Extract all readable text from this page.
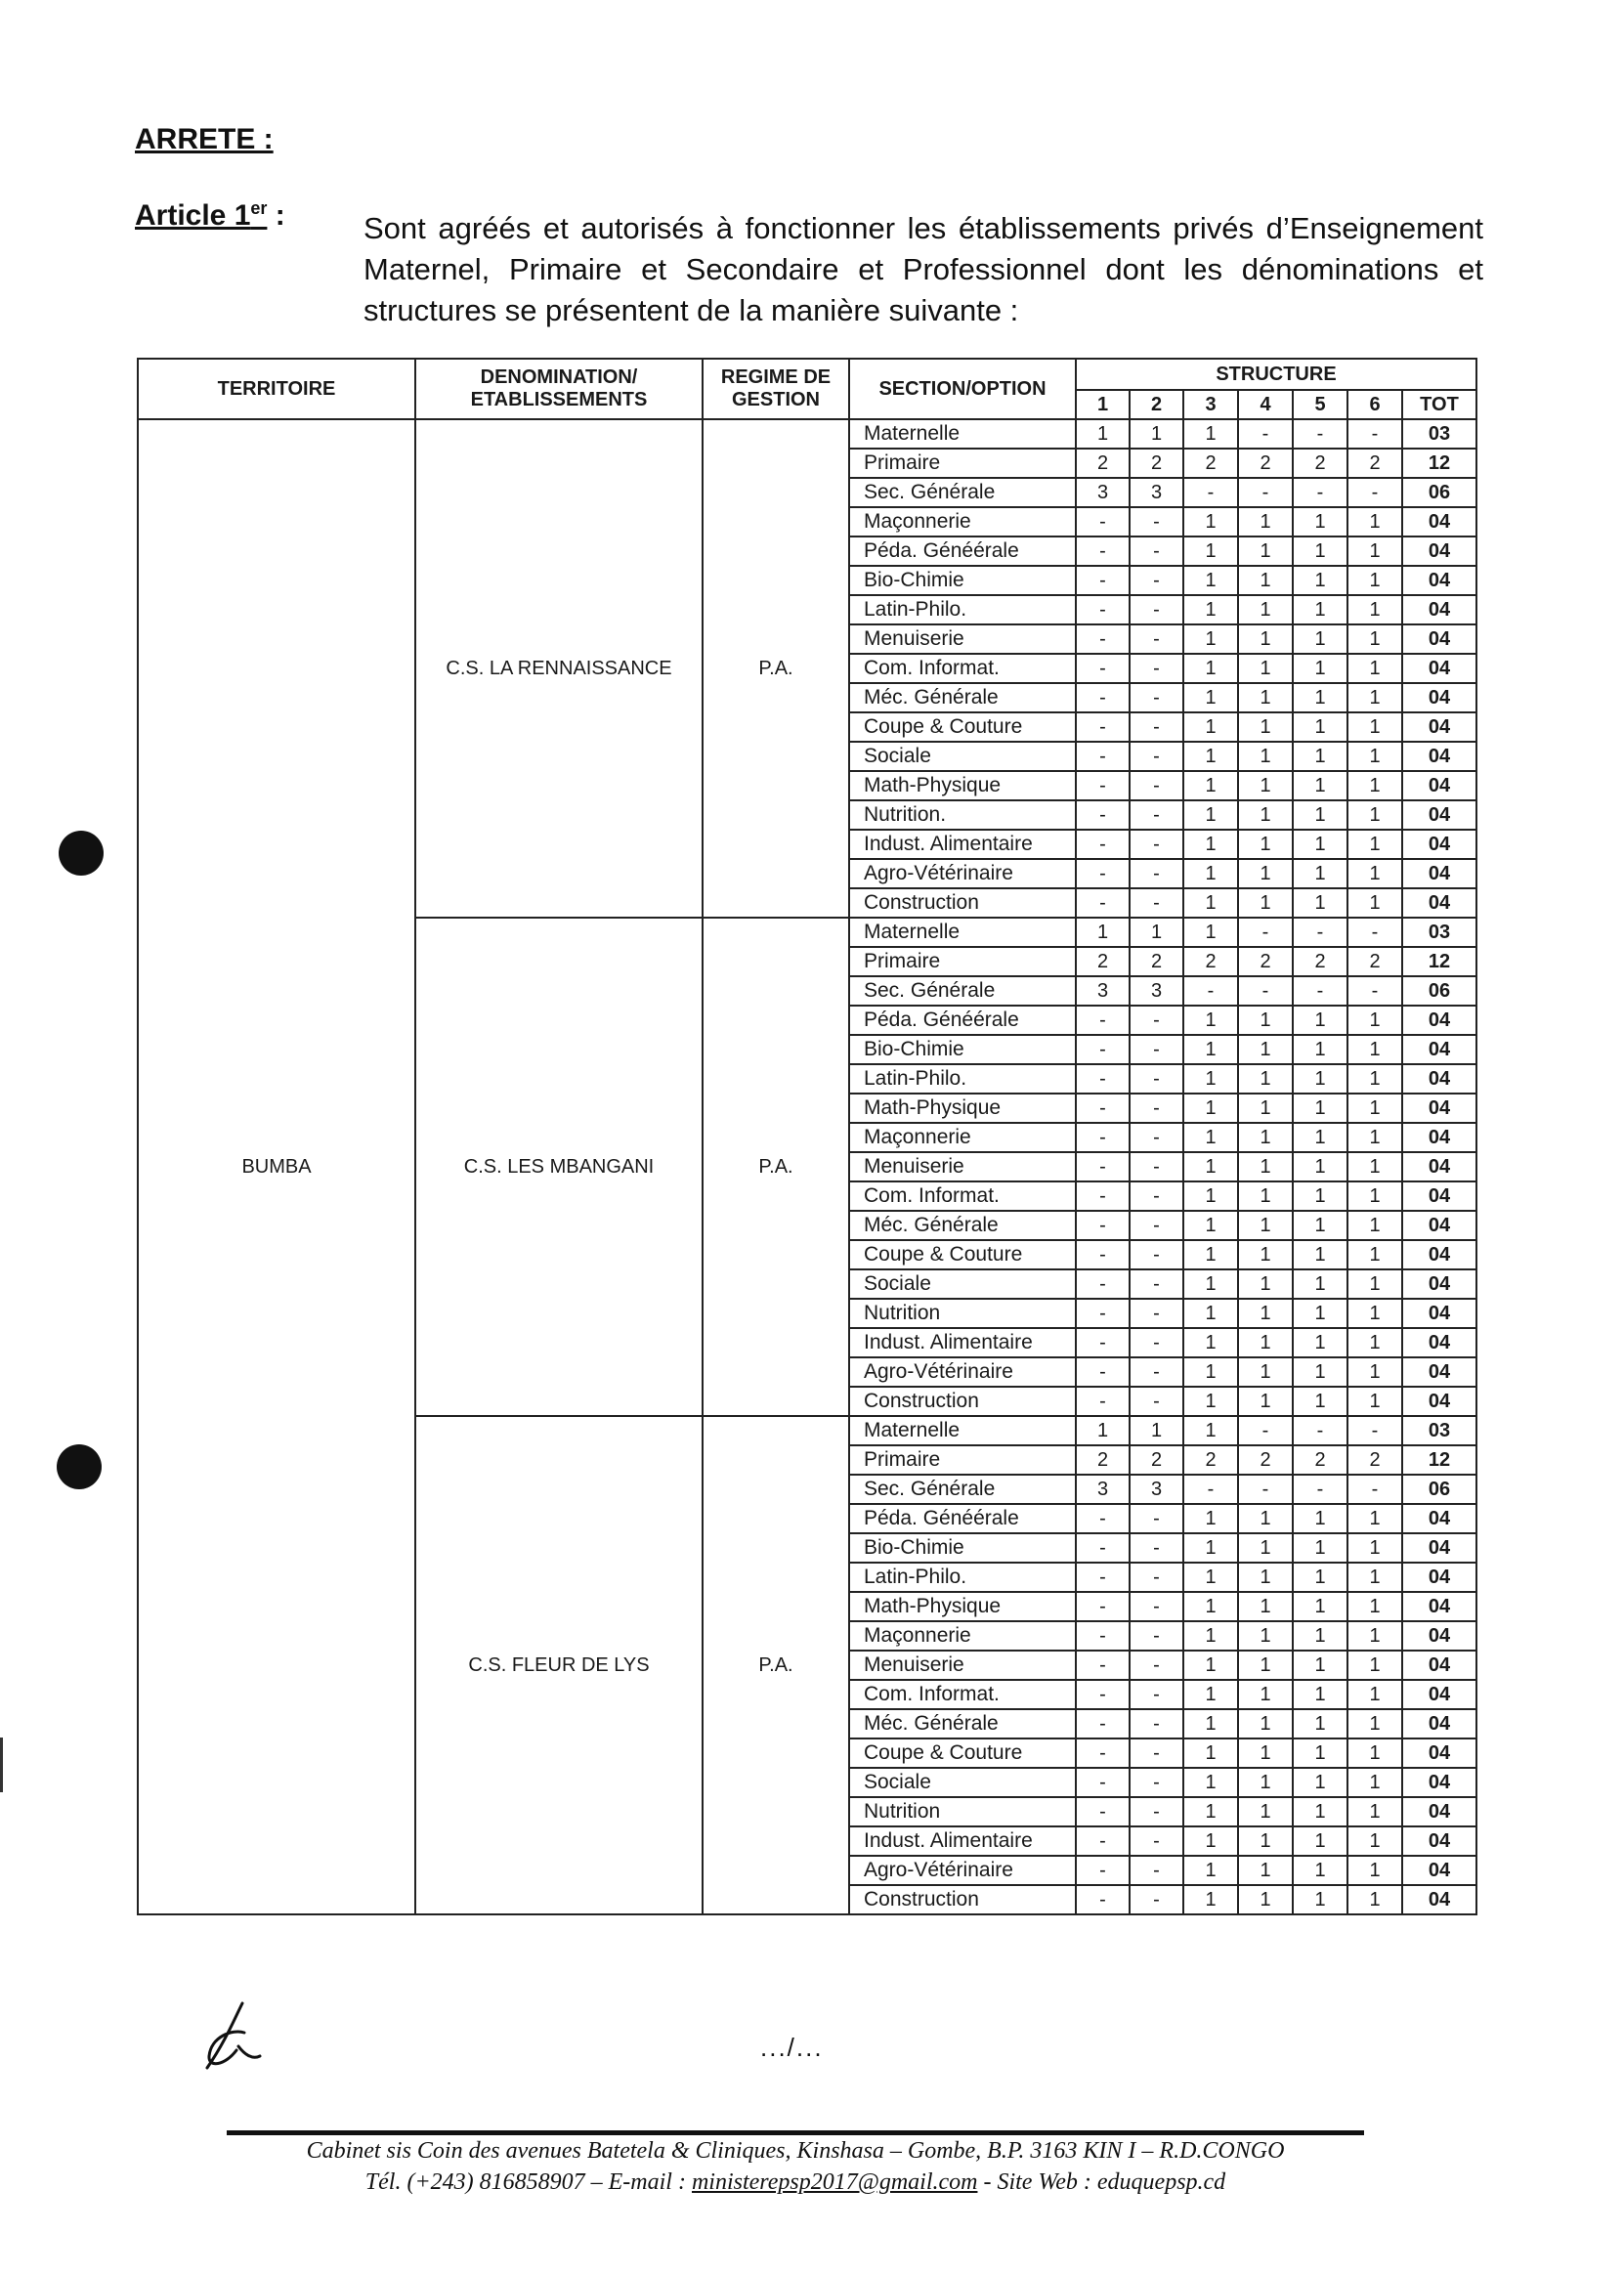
ARRETE :
Article 1er :	Sont agréés et autorisés à fonctionner les établissements privés d’Enseignement Maternel, Primaire et Secondaire et Professionnel dont les dénominations et structures se présentent de la manière suivante :
TERRITOIRE	DENOMINATION/ ETABLISSEMENTS	REGIME DE GESTION	SECTION/OPTION	STRUCTURE						
				1	2	3	4	5	6	TOT
BUMBA	C.S. LA RENNAISSANCE	P.A.	Maternelle	1	1	1	-	-	-	03
			Primaire	2	2	2	2	2	2	12
			Sec. Générale	3	3	-	-	-	-	06
			Maçonnerie	-	-	1	1	1	1	04
			Péda. Généérale	-	-	1	1	1	1	04
			Bio-Chimie	-	-	1	1	1	1	04
			Latin-Philo.	-	-	1	1	1	1	04
			Menuiserie	-	-	1	1	1	1	04
			Com. Informat.	-	-	1	1	1	1	04
			Méc. Générale	-	-	1	1	1	1	04
			Coupe & Couture	-	-	1	1	1	1	04
			Sociale	-	-	1	1	1	1	04
			Math-Physique	-	-	1	1	1	1	04
			Nutrition.	-	-	1	1	1	1	04
			Indust. Alimentaire	-	-	1	1	1	1	04
			Agro-Vétérinaire	-	-	1	1	1	1	04
			Construction	-	-	1	1	1	1	04
	C.S. LES MBANGANI	P.A.	Maternelle	1	1	1	-	-	-	03
			Primaire	2	2	2	2	2	2	12
			Sec. Générale	3	3	-	-	-	-	06
			Péda. Généérale	-	-	1	1	1	1	04
			Bio-Chimie	-	-	1	1	1	1	04
			Latin-Philo.	-	-	1	1	1	1	04
			Math-Physique	-	-	1	1	1	1	04
			Maçonnerie	-	-	1	1	1	1	04
			Menuiserie	-	-	1	1	1	1	04
			Com. Informat.	-	-	1	1	1	1	04
			Méc. Générale	-	-	1	1	1	1	04
			Coupe & Couture	-	-	1	1	1	1	04
			Sociale	-	-	1	1	1	1	04
			Nutrition	-	-	1	1	1	1	04
			Indust. Alimentaire	-	-	1	1	1	1	04
			Agro-Vétérinaire	-	-	1	1	1	1	04
			Construction	-	-	1	1	1	1	04
	C.S. FLEUR DE LYS	P.A.	Maternelle	1	1	1	-	-	-	03
			Primaire	2	2	2	2	2	2	12
			Sec. Générale	3	3	-	-	-	-	06
			Péda. Généérale	-	-	1	1	1	1	04
			Bio-Chimie	-	-	1	1	1	1	04
			Latin-Philo.	-	-	1	1	1	1	04
			Math-Physique	-	-	1	1	1	1	04
			Maçonnerie	-	-	1	1	1	1	04
			Menuiserie	-	-	1	1	1	1	04
			Com. Informat.	-	-	1	1	1	1	04
			Méc. Générale	-	-	1	1	1	1	04
			Coupe & Couture	-	-	1	1	1	1	04
			Sociale	-	-	1	1	1	1	04
			Nutrition	-	-	1	1	1	1	04
			Indust. Alimentaire	-	-	1	1	1	1	04
			Agro-Vétérinaire	-	-	1	1	1	1	04
			Construction	-	-	1	1	1	1	04
.../...
Cabinet sis Coin des avenues Batetela & Cliniques, Kinshasa – Gombe, B.P. 3163 KIN I – R.D.CONGO
Tél. (+243) 816858907 – E-mail : ministerepsp2017@gmail.com - Site Web : eduquepsp.cd
